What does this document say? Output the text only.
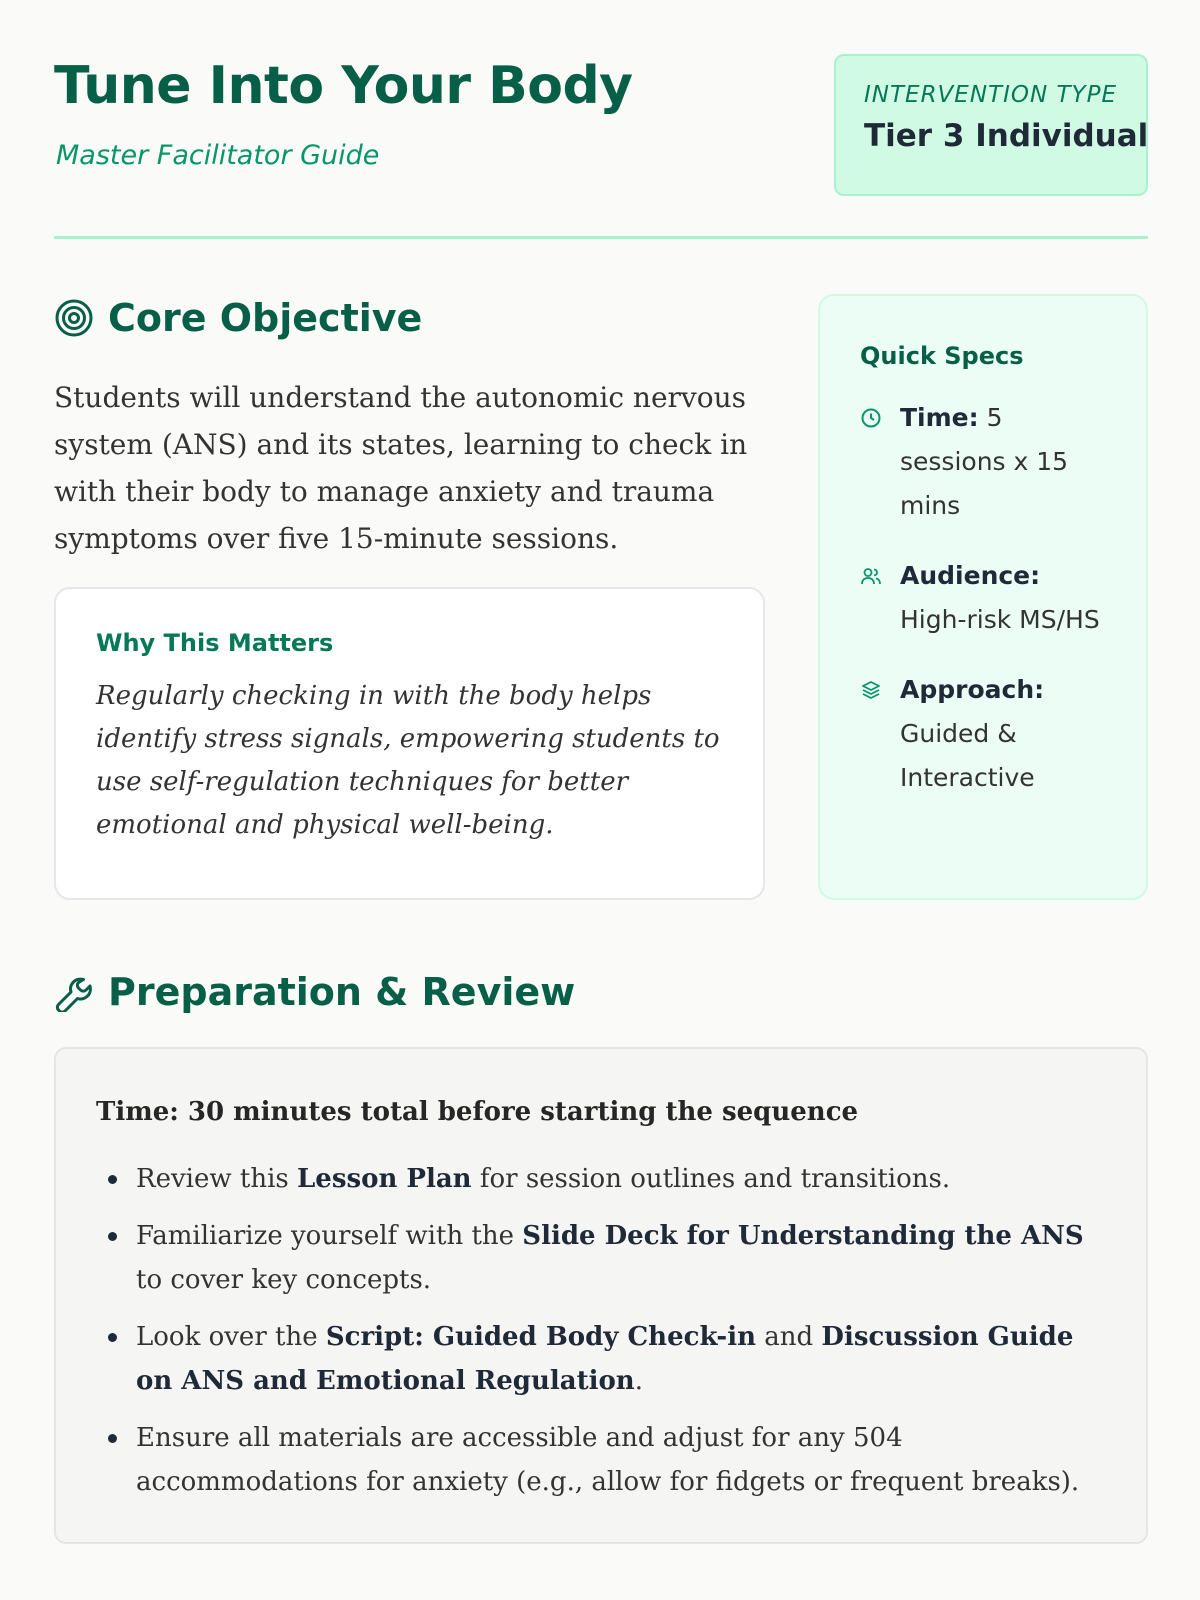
Tune Into Your Body
Master Facilitator Guide
INTERVENTION TYPE
Tier 3 Individual
Core Objective

Students will understand the autonomic nervous system (ANS) and its states, learning to check in with their body to manage anxiety and trauma symptoms over five 15-minute sessions.

Why This Matters

Regularly checking in with the body helps identify stress signals, empowering students to use self-regulation techniques for better emotional and physical well-being.

Quick Specs
Time: 5 sessions x 15 mins
Audience: High-risk MS/HS
Approach: Guided & Interactive
Preparation & Review
Time: 30 minutes total before starting the sequence
Review this Lesson Plan for session outlines and transitions.
Familiarize yourself with the Slide Deck for Understanding the ANS to cover key concepts.
Look over the Script: Guided Body Check-in and Discussion Guide on ANS and Emotional Regulation.
Ensure all materials are accessible and adjust for any 504 accommodations for anxiety (e.g., allow for fidgets or frequent breaks).
